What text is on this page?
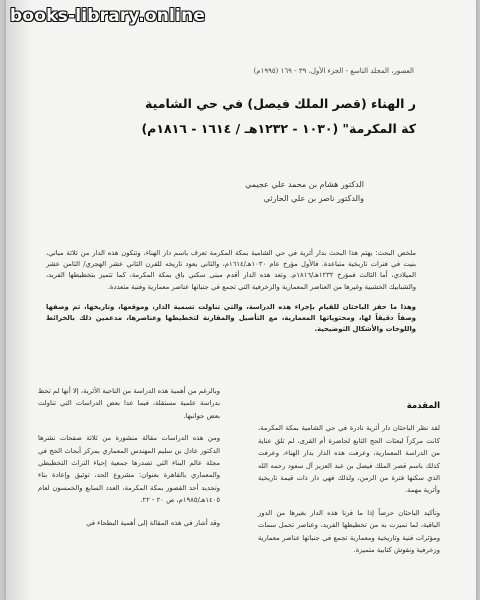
books-library.online
العصور، المجلد التاسع - الجزء الأول، ٣٩ - ١٦٩ (١٩٩٥م)
ر الهناء (قصر الملك فيصل) في حي الشامية
كة المكرمة" (١٠٣٠ - ١٢٣٢هـ / ١٦١٤ - ١٨١٦م)
الدكتور هشام بن محمد علي عجيمي
والدكتور ناصر بن علي الحارثي

ملخص البحث: يهتم هذا البحث بدار أثرية في حي الشامية بمكة المكرمة تعرف باسم دار الهناء، وتتكون هذه الدار من ثلاثة مباني، بنيت في فترات تاريخية متباعدة. فالأول مؤرخ عام ١٠٣٠هـ/١٦١٤م، والثاني يعود تاريخه للقرن الثاني عشر الهجري/ الثامن عشر الميلادي، أما الثالث فمؤرخ ١٢٣٢هـ/١٨١٦م. وتعد هذه الدار أقدم مبنى سكني باق بمكة المكرمة، كما تتميز بتخطيطها الفريد، والشبابيك الخشبية وغيرها من العناصر المعمارية والزخرفية التي تجمع في جنباتها عناصر معمارية وفنية متعددة.

وهذا ما حفز الباحثان للقيام بإجراء هذه الدراسة، والتي تناولت تسمية الدار، وموقعها، وتاريخها، ثم وصفها وصفاً دقيقاً لها، ومحتوياتها المعمارية، مع التأصيل والمقارنة لتخطيطها وعناصرها، مدعمين ذلك بالخرائط واللوحات والأشكال التوضيحية.

المقدمة

لقد نظر الباحثان دار أثرية نادرة في حي الشامية بمكة المكرمة، كانت مركزاً لبعثات الحج التابع لحاضرة أم القرى، لم تلق عناية من الدراسة المعمارية، وعرفت هذه الدار بدار الهناء، وعرفت كذلك باسم قصر الملك فيصل بن عبد العزيز آل سعود رحمه الله الذي سكنها فترة من الزمن، ولذلك فهي دار ذات قيمة تاريخية وأثرية مهمة.

وتأكيد الباحثان حرصاً إذا ما قرنا هذه الدار بغيرها من الدور الباقية، لما تميزت به من تخطيطها الفريد، وعناصر تحمل سمات ومؤثرات فنية وتاريخية ومعمارية تجمع في جنباتها عناصر معمارية وزخرفية ونقوش كتابية متميزة.

وبالرغم من أهمية هذه الدراسة من الناحية الأثرية، إلا أنها لم تحظ بدراسة علمية مستقلة، فيما عدا بعض الدراسات التي تناولت بعض جوانبها.

ومن هذه الدراسات مقالة منشورة من ثلاثة صفحات نشرها الدكتور عادل بن سليم المهندس المعماري بمركز أبحاث الحج في مجلة عالم البناء التي تصدرها جمعية إحياء التراث التخطيطي والمعماري بالقاهرة بعنوان: مشروع الحد، توثيق وإعادة بناء وتجديد أحد القصور بمكة المكرمة، العدد السابع والخمسون لعام ١٤٠٥هـ/١٩٨٥م، ص ٢٠ - ٢٢.

وقد أشار في هذه المقالة إلى أهمية البطحاء في
